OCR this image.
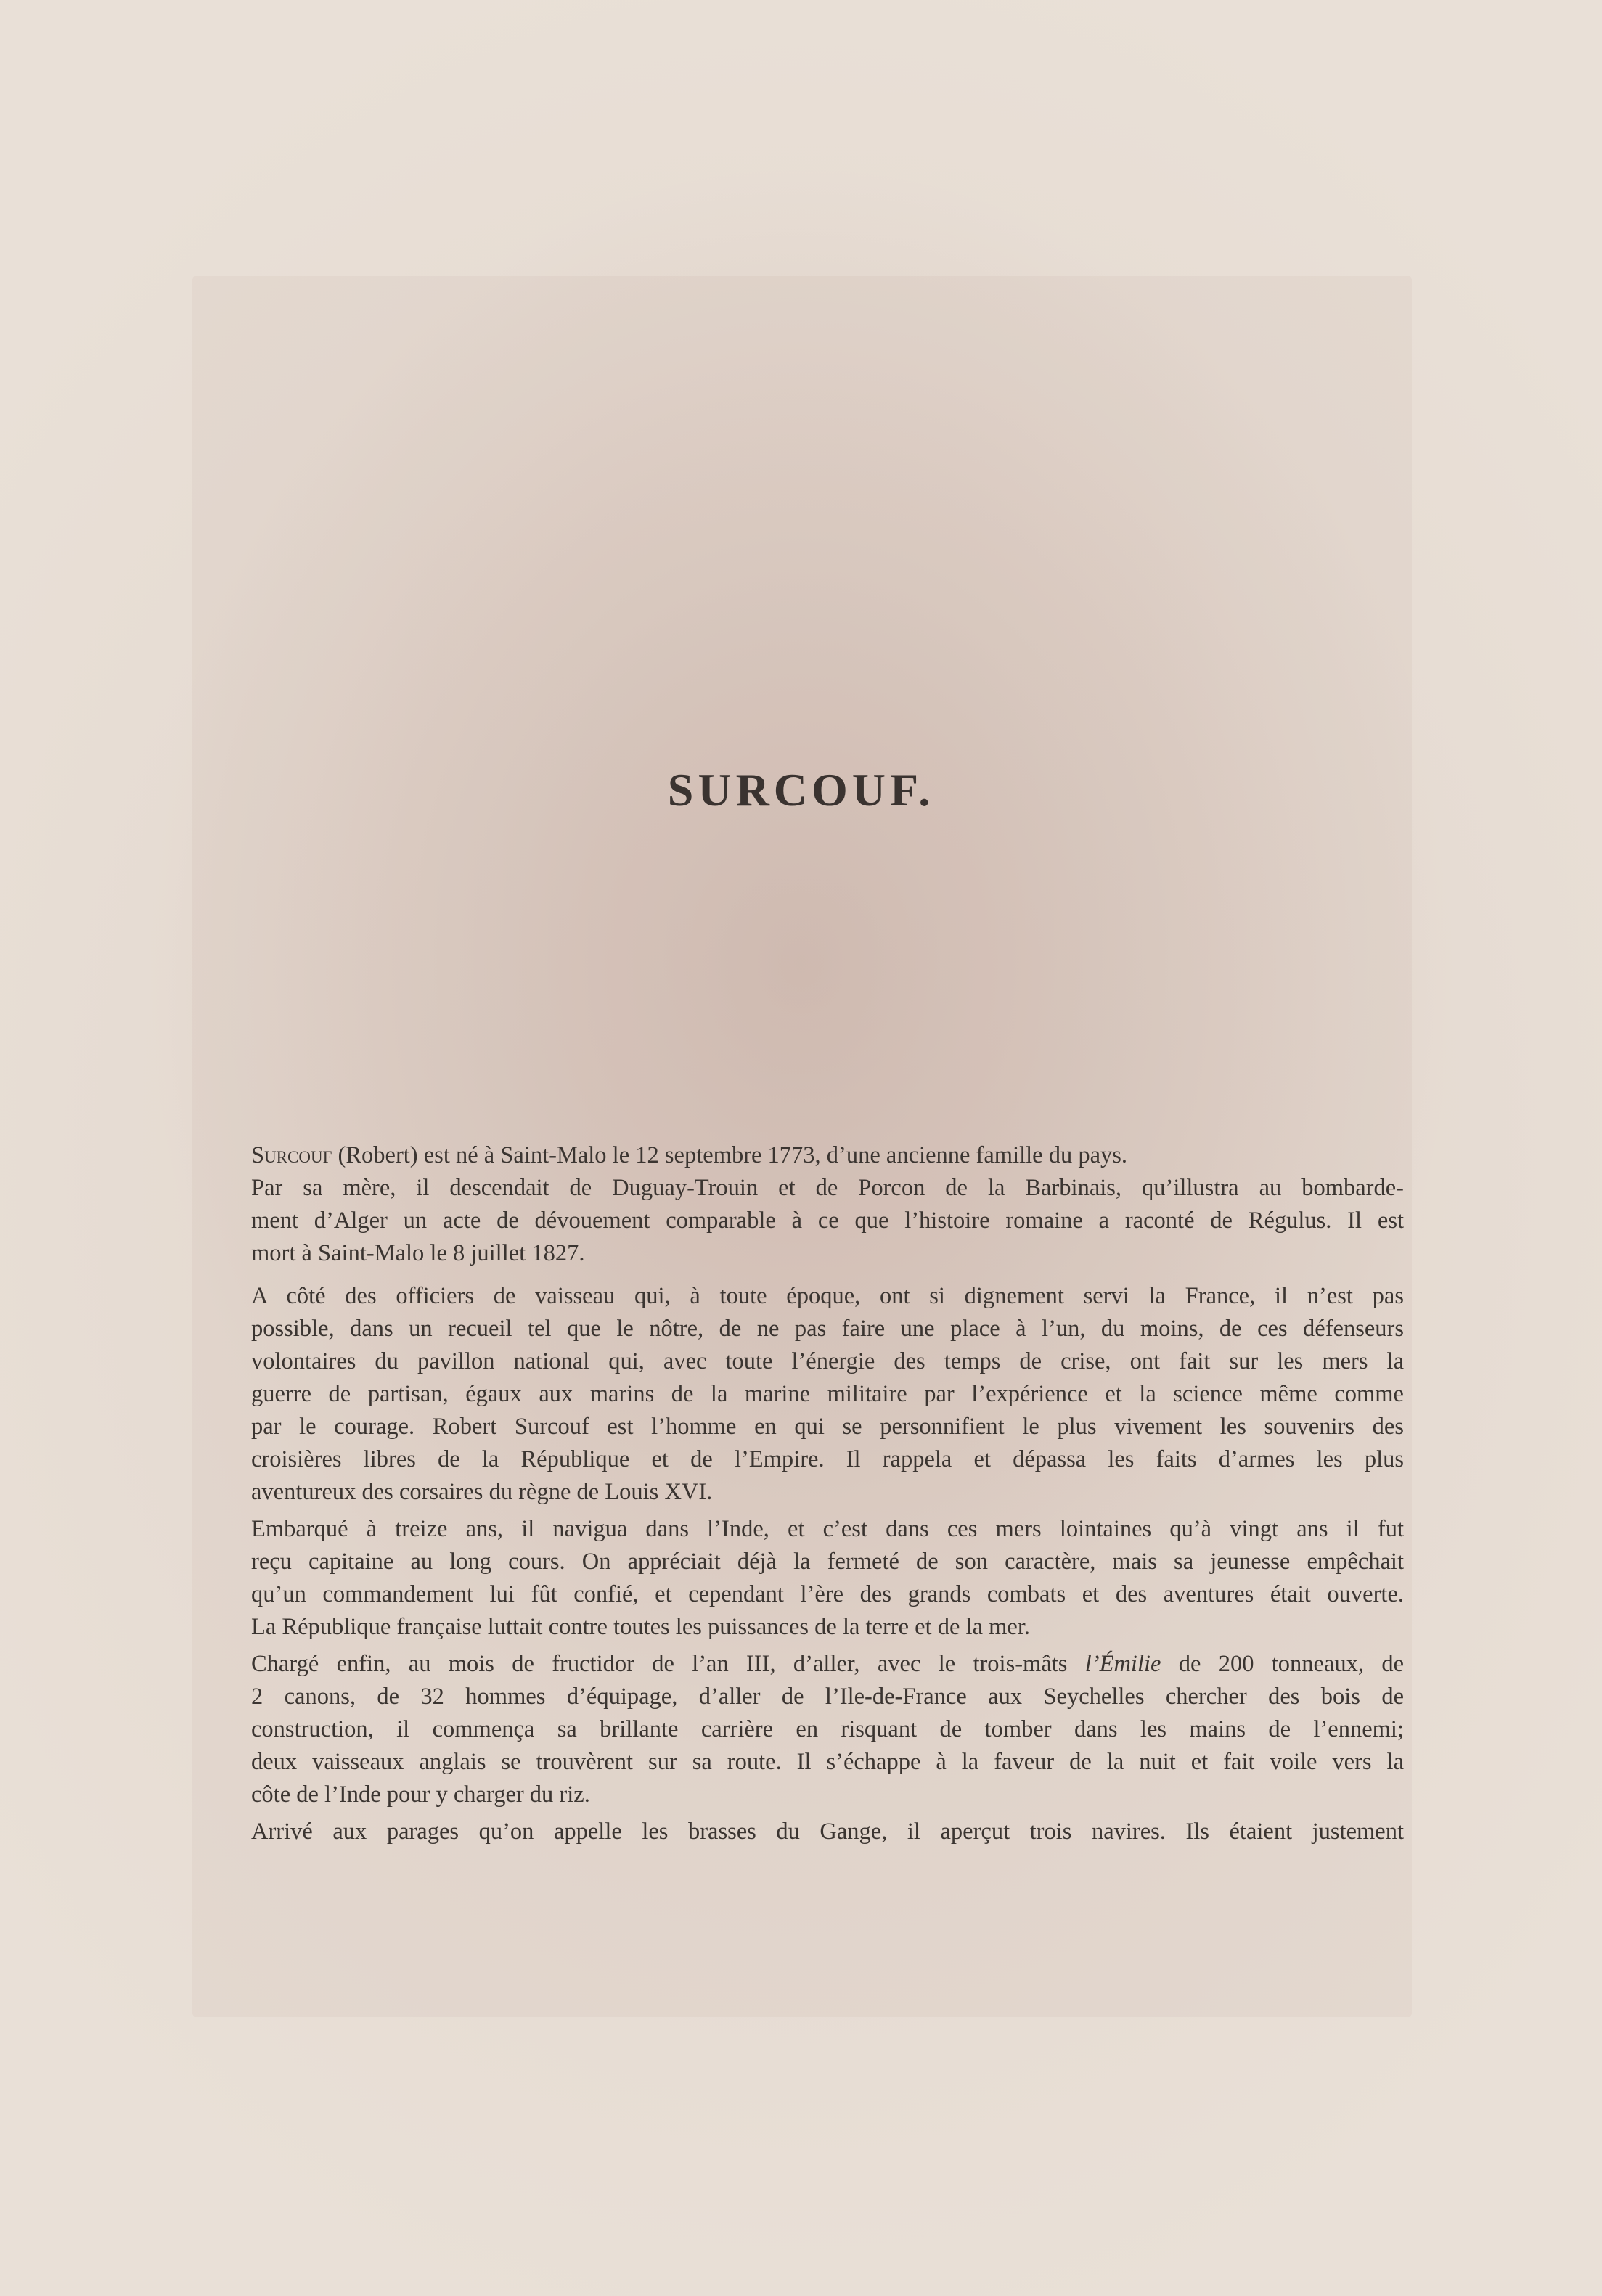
SURCOUF.

Surcouf (Robert) est né à Saint-Malo le 12 septembre 1773, d’une ancienne famille du pays.

Par sa mère, il descendait de Duguay-Trouin et de Porcon de la Barbinais, qu’illustra au bombarde-
ment d’Alger un acte de dévouement comparable à ce que l’histoire romaine a raconté de Régulus. Il est
mort à Saint-Malo le 8 juillet 1827.
A côté des officiers de vaisseau qui, à toute époque, ont si dignement servi la France, il n’est pas
possible, dans un recueil tel que le nôtre, de ne pas faire une place à l’un, du moins, de ces défenseurs
volontaires du pavillon national qui, avec toute l’énergie des temps de crise, ont fait sur les mers la
guerre de partisan, égaux aux marins de la marine militaire par l’expérience et la science même comme
par le courage. Robert Surcouf est l’homme en qui se personnifient le plus vivement les souvenirs des
croisières libres de la République et de l’Empire. Il rappela et dépassa les faits d’armes les plus
aventureux des corsaires du règne de Louis XVI.
Embarqué à treize ans, il navigua dans l’Inde, et c’est dans ces mers lointaines qu’à vingt ans il fut
reçu capitaine au long cours. On appréciait déjà la fermeté de son caractère, mais sa jeunesse empêchait
qu’un commandement lui fût confié, et cependant l’ère des grands combats et des aventures était ouverte.
La République française luttait contre toutes les puissances de la terre et de la mer.
Chargé enfin, au mois de fructidor de l’an III, d’aller, avec le trois-mâts l’Émilie de 200 tonneaux, de
2 canons, de 32 hommes d’équipage, d’aller de l’Ile-de-France aux Seychelles chercher des bois de
construction, il commença sa brillante carrière en risquant de tomber dans les mains de l’ennemi;
deux vaisseaux anglais se trouvèrent sur sa route. Il s’échappe à la faveur de la nuit et fait voile vers la
côte de l’Inde pour y charger du riz.
Arrivé aux parages qu’on appelle les brasses du Gange, il aperçut trois navires. Ils étaient justement
